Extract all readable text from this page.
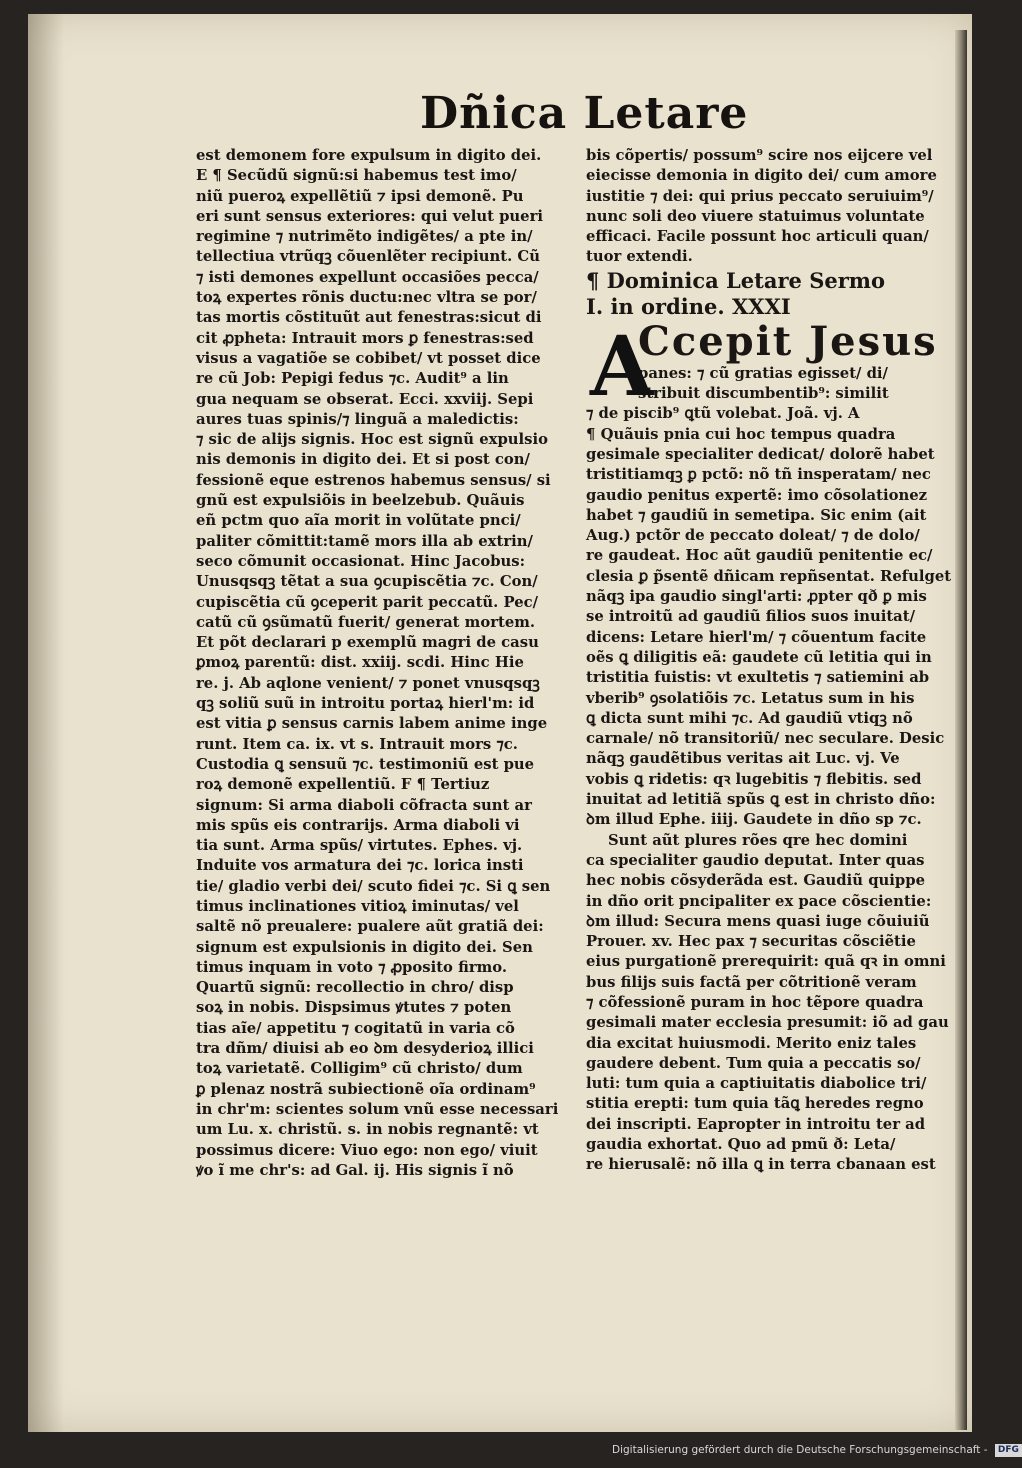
Dñica Letare
est demonem fore expulsum in digito dei.
E ¶ Secũdũ signũ:si habemus test imo/
niũ pueroꝝ expellẽtiũ ⁊ ipsi demonẽ. Pu
eri sunt sensus exteriores: qui velut pueri
regimine ⁊ nutrimẽto indigẽtes/ a pte in/
tellectiua vtrũqꝫ cõuenlẽter recipiunt. Cũ
⁊ isti demones expellunt occasiões pecca/
toꝝ expertes rõnis ductu:nec vltra se por/
tas mortis cõstituũt aut fenestras:sicut di
cit ꝓpheta: Intrauit mors ꝑ fenestras:sed
visus a vagatiõe se cobibet/ vt posset dice
re cũ Job: Pepigi fedus ⁊c. Audit⁹ a lin
gua nequam se obserat. Ecci. xxviij. Sepi
aures tuas spinis/⁊ linguã a maledictis:
⁊ sic de alijs signis. Hoc est signũ expulsio
nis demonis in digito dei. Et si post con/
fessionẽ eque estrenos habemus sensus/ si
gnũ est expulsiõis in beelzebub. Quãuis
eñ pctm quo aĩa morit in volũtate pnci/
paliter cõmittit:tamẽ mors illa ab extrin/
seco cõmunit occasionat. Hinc Jacobus:
Unusqsqꝫ tẽtat a sua ꝯcupiscẽtia ⁊c. Con/
cupiscẽtia cũ ꝯceperit parit peccatũ. Pec/
catũ cũ ꝯsũmatũ fuerit/ generat mortem.
Et põt declarari p exemplũ magri de casu
ꝑmoꝝ parentũ: dist. xxiij. scdi. Hinc Hie
re. j. Ab aqlone venient/ ⁊ ponet vnusqsqꝫ
qꝫ soliũ suũ in introitu portaꝝ hierl'm: id
est vitia ꝑ sensus carnis labem anime inge
runt. Item ca. ix. vt s. Intrauit mors ⁊c.
Custodia ꝗ sensuũ ⁊c. testimoniũ est pue
roꝝ demonẽ expellentiũ. F ¶ Tertiuz
signum: Si arma diaboli cõfracta sunt ar
mis spũs eis contrarijs. Arma diaboli vi
tia sunt. Arma spũs/ virtutes. Ephes. vj.
Induite vos armatura dei ⁊c. lorica insti
tie/ gladio verbi dei/ scuto fidei ⁊c. Si ꝗ sen
timus inclinationes vitioꝝ iminutas/ vel
saltẽ nõ preualere: pualere aũt gratiã dei:
signum est expulsionis in digito dei. Sen
timus inquam in voto ⁊ ꝓposito firmo.
Quartũ signũ: recollectio in chro/ disp
soꝝ in nobis. Dispsimus ꝟtutes ⁊ poten
tias aĩe/ appetitu ⁊ cogitatũ in varia cõ
tra dñm/ diuisi ab eo ꝺm desyderioꝝ illici
toꝝ varietatẽ. Colligim⁹ cũ christo/ dum
ꝑ plenaz nostrã subiectionẽ oĩa ordinam⁹
in chr'm: scientes solum vnũ esse necessari
um Lu. x. christũ. s. in nobis regnantẽ: vt
possimus dicere: Viuo ego: non ego/ viuit
ꝟo ĩ me chr's: ad Gal. ij. His signis ĩ nõ
bis cõpertis/ possum⁹ scire nos eijcere vel
eiecisse demonia in digito dei/ cum amore
iustitie ⁊ dei: qui prius peccato seruiuim⁹/
nunc soli deo viuere statuimus voluntate
efficaci. Facile possunt hoc articuli quan/
tuor extendi.
¶ Dominica Letare Sermo
I. in ordine. XXXI
A
Ccepit Jesus
panes: ⁊ cũ gratias egisset/ di/
stribuit discumbentib⁹: similit
⁊ de piscib⁹ ꝗtũ volebat. Joã. vj. A
¶ Quãuis pnia cui hoc tempus quadra
gesimale specialiter dedicat/ dolorẽ habet
tristitiamqꝫ ꝑ pctõ: nõ tñ insperatam/ nec
gaudio penitus expertẽ: imo cõsolationez
habet ⁊ gaudiũ in semetipa. Sic enim (ait
Aug.) pctõr de peccato doleat/ ⁊ de dolo/
re gaudeat. Hoc aũt gaudiũ penitentie ec/
clesia ꝑ p̃sentẽ dñicam repñsentat. Refulget
nãqꝫ ipa gaudio singl'arti: ꝓpter qð ꝑ mis
se introitũ ad gaudiũ filios suos inuitat/
dicens: Letare hierl'm/ ⁊ cõuentum facite
oẽs ꝗ diligitis eã: gaudete cũ letitia qui in
tristitia fuistis: vt exultetis ⁊ satiemini ab
vberib⁹ ꝯsolatiõis ⁊c. Letatus sum in his
ꝗ dicta sunt mihi ⁊c. Ad gaudiũ vtiqꝫ nõ
carnale/ nõ transitoriũ/ nec seculare. Desic
nãqꝫ gaudẽtibus veritas ait Luc. vj. Ve
vobis ꝗ ridetis: qꝛ lugebitis ⁊ flebitis. sed
inuitat ad letitiã spũs ꝗ est in christo dño:
ꝺm illud Ephe. iiij. Gaudete in dño sp ⁊c.
Sunt aũt plures rões qre hec domini
ca specialiter gaudio deputat. Inter quas
hec nobis cõsyderãda est. Gaudiũ quippe
in dño orit pncipaliter ex pace cõscientie:
ꝺm illud: Secura mens quasi iuge cõuiuiũ
Prouer. xv. Hec pax ⁊ securitas cõsciẽtie
eius purgationẽ prerequirit: quã qꝛ in omni
bus filijs suis factã per cõtritionẽ veram
⁊ cõfessionẽ puram in hoc tẽpore quadra
gesimali mater ecclesia presumit: iõ ad gau
dia excitat huiusmodi. Merito eniz tales
gaudere debent. Tum quia a peccatis so/
luti: tum quia a captiuitatis diabolice tri/
stitia erepti: tum quia tãꝗ heredes regno
dei inscripti. Eapropter in introitu ter ad
gaudia exhortat. Quo ad pmũ ð: Leta/
re hierusalẽ: nõ illa ꝗ in terra cbanaan est
Digitalisierung gefördert durch die Deutsche Forschungsgemeinschaft - DFG
